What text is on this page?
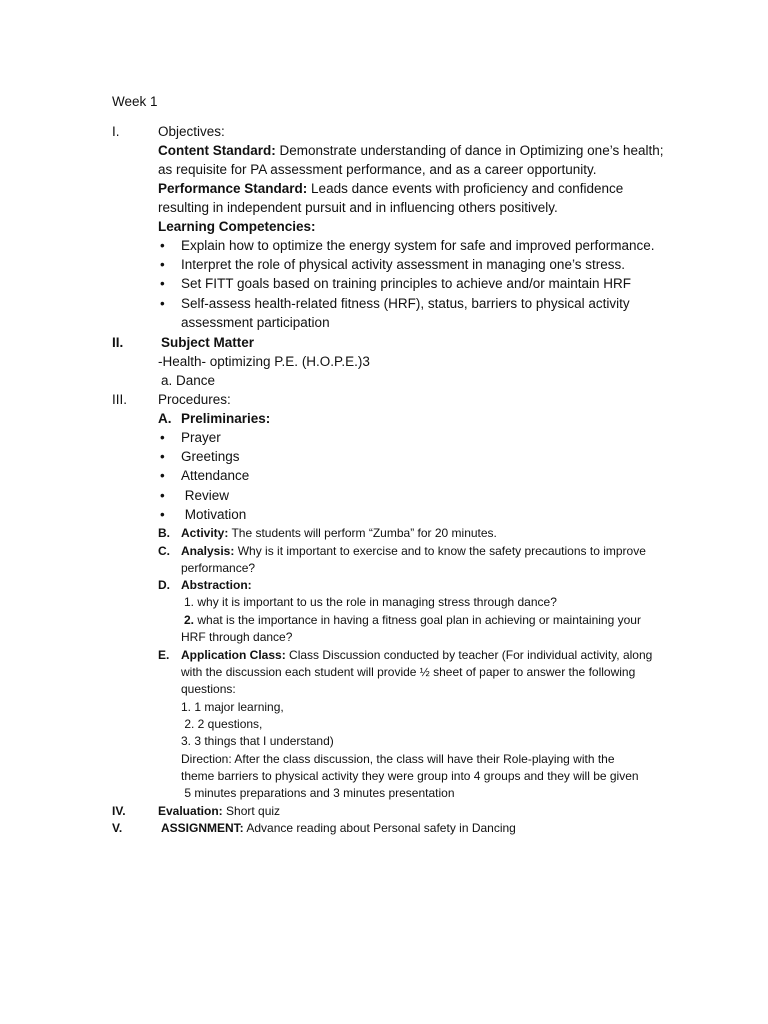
Week 1
I.	Objectives:
Content Standard: Demonstrate understanding of dance in Optimizing one’s health;
as requisite for PA assessment performance, and as a career opportunity.
Performance Standard: Leads dance events with proficiency and confidence
resulting in independent pursuit and in influencing others positively.
Learning Competencies:
•
Explain how to optimize the energy system for safe and improved performance.
•
Interpret the role of physical activity assessment in managing one’s stress.
•
Set FITT goals based on training principles to achieve and/or maintain HRF
•
Self-assess health-related fitness (HRF), status, barriers to physical activity
assessment participation
II.	Subject Matter
-Health- optimizing P.E. (H.O.P.E.)3
a. Dance
III. Procedures:
A. Preliminaries:
•
Prayer
•
Greetings
•
Attendance
•
Review
•
Motivation
B. Activity: The students will perform “Zumba” for 20 minutes.
C. Analysis: Why is it important to exercise and to know the safety precautions to improve
performance?
D. Abstraction:
1. why it is important to us the role in managing stress through dance?
2. what is the importance in having a fitness goal plan in achieving or maintaining your
HRF through dance?
E. Application Class: Class Discussion conducted by teacher (For individual activity, along
with the discussion each student will provide ½ sheet of paper to answer the following
questions:
1. 1 major learning,
2. 2 questions,
3. 3 things that I understand)
Direction: After the class discussion, the class will have their Role-playing with the
theme barriers to physical activity they were group into 4 groups and they will be given
5 minutes preparations and 3 minutes presentation
IV.	Evaluation: Short quiz
V.	ASSIGNMENT: Advance reading about Personal safety in Dancing
